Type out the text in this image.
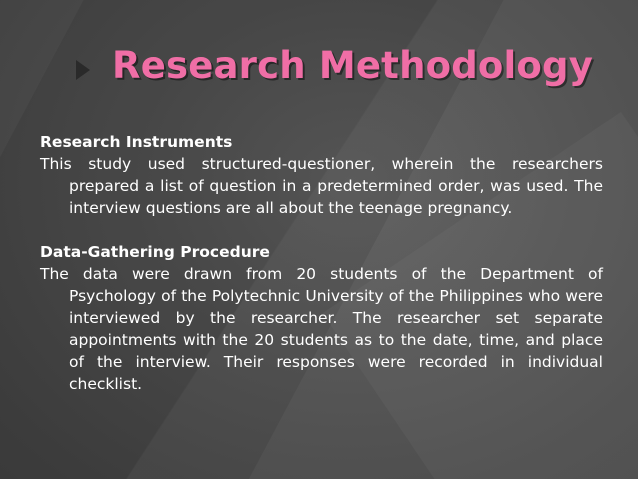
Research Methodology

Research Instruments

This study used structured-questioner, wherein the researchers prepared a list of question in a predetermined order, was used. The interview questions are all about the teenage pregnancy.

Data-Gathering Procedure

The data were drawn from 20 students of the Department of Psychology of the Polytechnic University of the Philippines who were interviewed by the researcher. The researcher set separate appointments with the 20 students as to the date, time, and place of the interview. Their responses were recorded in individual checklist.
